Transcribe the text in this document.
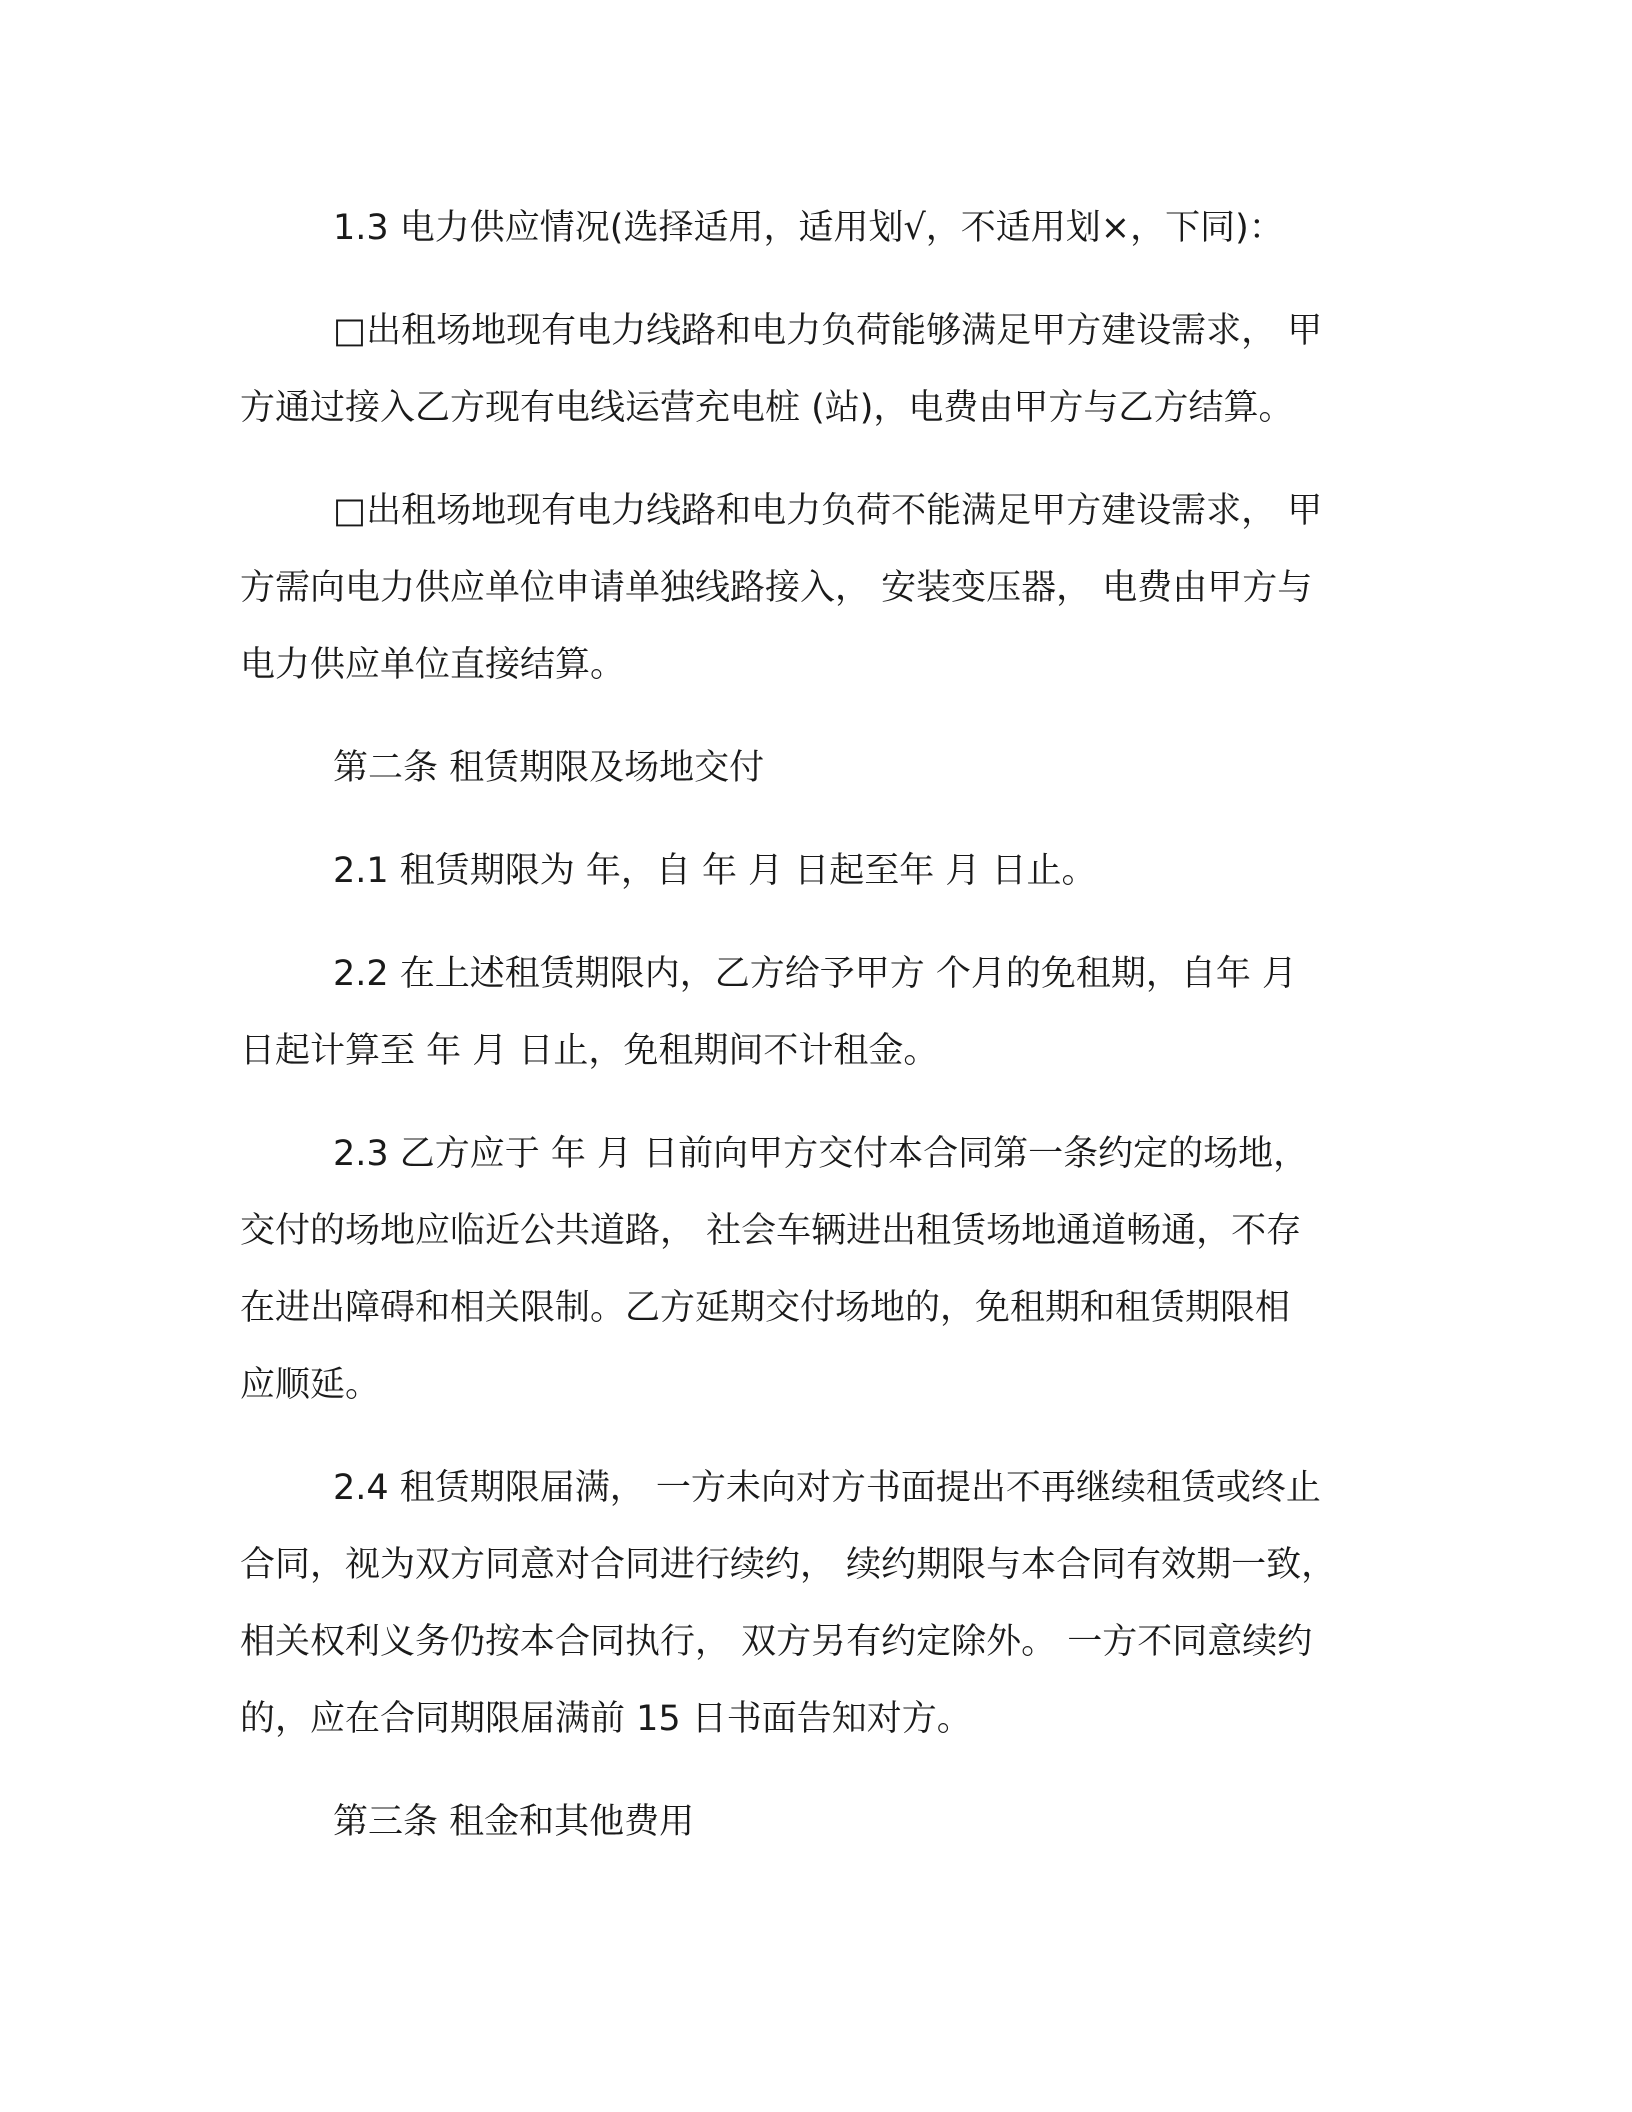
1.3 电力供应情况(选择适用，适用划√，不适用划×，下同)：
□出租场地现有电力线路和电力负荷能够满足甲方建设需求， 甲
方通过接入乙方现有电线运营充电桩 (站)，电费由甲方与乙方结算。
□出租场地现有电力线路和电力负荷不能满足甲方建设需求， 甲
方需向电力供应单位申请单独线路接入， 安装变压器， 电费由甲方与
电力供应单位直接结算。
第二条 租赁期限及场地交付
2.1 租赁期限为 年，自 年 月 日起至年 月 日止。
2.2 在上述租赁期限内，乙方给予甲方 个月的免租期，自年 月
日起计算至 年 月 日止，免租期间不计租金。
2.3 乙方应于 年 月 日前向甲方交付本合同第一条约定的场地，
交付的场地应临近公共道路， 社会车辆进出租赁场地通道畅通，不存
在进出障碍和相关限制。乙方延期交付场地的，免租期和租赁期限相
应顺延。
2.4 租赁期限届满， 一方未向对方书面提出不再继续租赁或终止
合同，视为双方同意对合同进行续约， 续约期限与本合同有效期一致，
相关权利义务仍按本合同执行， 双方另有约定除外。 一方不同意续约
的，应在合同期限届满前 15 日书面告知对方。
第三条 租金和其他费用
